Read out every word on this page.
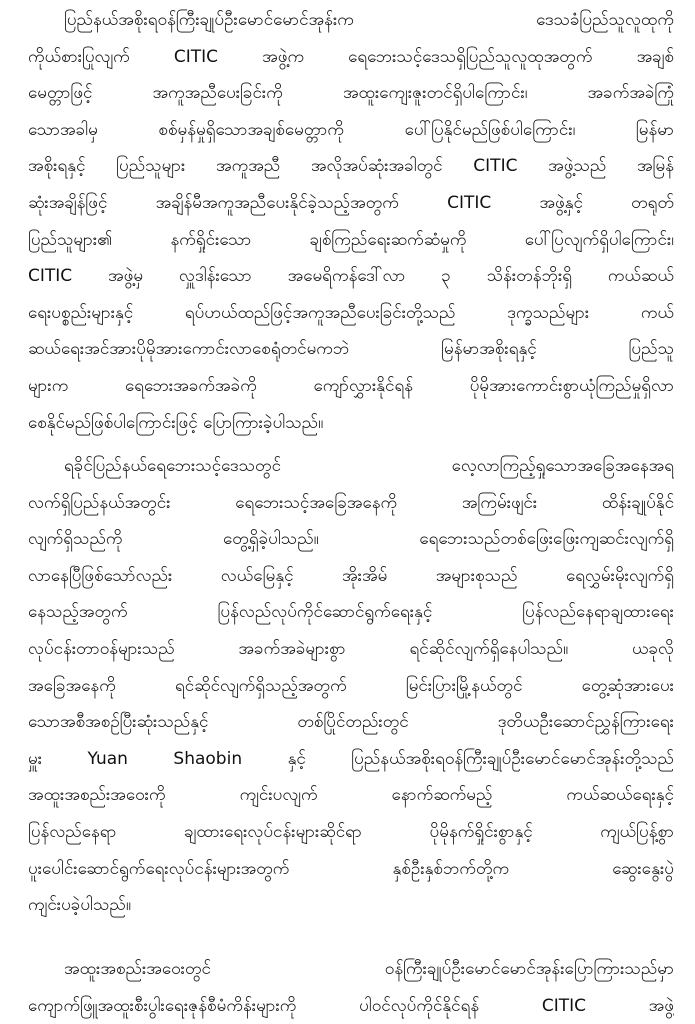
ပြည်နယ်အစိုးရဝန်ကြီးချုပ်ဦးမောင်မောင်အုန်းက ဒေသခံပြည်သူလူထုကို
ကိုယ်စားပြုလျက် CITIC အဖွဲ့က ရေဘေးသင့်ဒေသရှိပြည်သူလူထုအတွက် အချစ်
မေတ္တာဖြင့် အကူအညီပေးခြင်းကို အထူးကျေးဇူးတင်ရှိပါကြောင်း၊ အခက်အခဲကြုံ
သောအခါမှ စစ်မှန်မှုရှိသောအချစ်မေတ္တာကို ပေါ်ပြနိုင်မည်ဖြစ်ပါကြောင်း၊ မြန်မာ
အစိုးရနှင့် ပြည်သူများ အကူအညီ အလိုအပ်ဆုံးအခါတွင် CITIC အဖွဲ့သည် အမြန်
ဆုံးအချိန်ဖြင့် အချိန်မီအကူအညီပေးနိုင်ခဲ့သည့်အတွက် CITIC အဖွဲ့နှင့် တရုတ်
ပြည်သူများ၏ နက်ရှိုင်းသော ချစ်ကြည်ရေးဆက်ဆံမှုကို ပေါ်ပြလျက်ရှိပါကြောင်း၊
CITIC အဖွဲ့မှ လှူဒါန်းသော အမေရိကန်ဒေါ်လာ ၃ သိန်းတန်ဘိုးရှိ ကယ်ဆယ်
ရေးပစ္စည်းများနှင့် ရပ်ဟယ်ထည်ဖြင့်အကူအညီပေးခြင်းတို့သည် ဒုက္ခသည်များ ကယ်
ဆယ်ရေးအင်အားပိုမိုအားကောင်းလာစေရုံတင်မကဘဲ မြန်မာအစိုးရနှင့် ပြည်သူ
များက ရေဘေးအခက်အခဲကို ကျော်လွှားနိုင်ရန် ပိုမိုအားကောင်းစွာယုံကြည်မှုရှိလာ
စေနိုင်မည်ဖြစ်ပါကြောင်းဖြင့် ပြောကြားခဲ့ပါသည်။
ရခိုင်ပြည်နယ်ရေဘေးသင့်ဒေသတွင် လေ့လာကြည့်ရှုသောအခြေအနေအရ
လက်ရှိပြည်နယ်အတွင်း ရေဘေးသင့်အခြေအနေကို အကြမ်းဖျင်း ထိန်းချုပ်နိုင်
လျက်ရှိသည်ကို တွေ့ရှိခဲ့ပါသည်။ ရေဘေးသည်တစ်ဖြေးဖြေးကျဆင်းလျက်ရှိ
လာနေပြီဖြစ်သော်လည်း လယ်မြေနှင့် အိုးအိမ် အများစုသည် ရေလွှမ်းမိုးလျက်ရှိ
နေသည့်အတွက် ပြန်လည်လုပ်ကိုင်ဆောင်ရွက်ရေးနှင့် ပြန်လည်နေရာချထားရေး
လုပ်ငန်းတာဝန်များသည် အခက်အခဲများစွာ ရင်ဆိုင်လျက်ရှိနေပါသည်။ ယခုလို
အခြေအနေကို ရင်ဆိုင်လျက်ရှိသည့်အတွက် မြင်းပြားမြို့နယ်တွင် တွေ့ဆုံအားပေး
သောအစီအစဉ်ပြီးဆုံးသည်နှင့် တစ်ပြိုင်တည်းတွင် ဒုတိယဦးဆောင်ညွှန်ကြားရေး
မှူး Yuan Shaobin နှင့် ပြည်နယ်အစိုးရဝန်ကြီးချုပ်ဦးမောင်မောင်အုန်းတို့သည်
အထူးအစည်းအဝေးကို ကျင်းပလျက် နောက်ဆက်မည့် ကယ်ဆယ်ရေးနှင့်
ပြန်လည်နေရာ ချထားရေးလုပ်ငန်းများဆိုင်ရာ ပိုမိုနက်ရှိုင်းစွာနှင့် ကျယ်ပြန့်စွာ
ပူးပေါင်းဆောင်ရွက်ရေးလုပ်ငန်းများအတွက် နှစ်ဦးနှစ်ဘက်တို့က ဆွေးနွေးပွဲ
ကျင်းပခဲ့ပါသည်။
အထူးအစည်းအဝေးတွင် ဝန်ကြီးချုပ်ဦးမောင်မောင်အုန်းပြောကြားသည်မှာ
ကျောက်ဖြူအထူးစီးပွါးရေးဇုန်စီမံကိန်းများကို ပါဝင်လုပ်ကိုင်နိုင်ရန် CITIC အဖွဲ့
